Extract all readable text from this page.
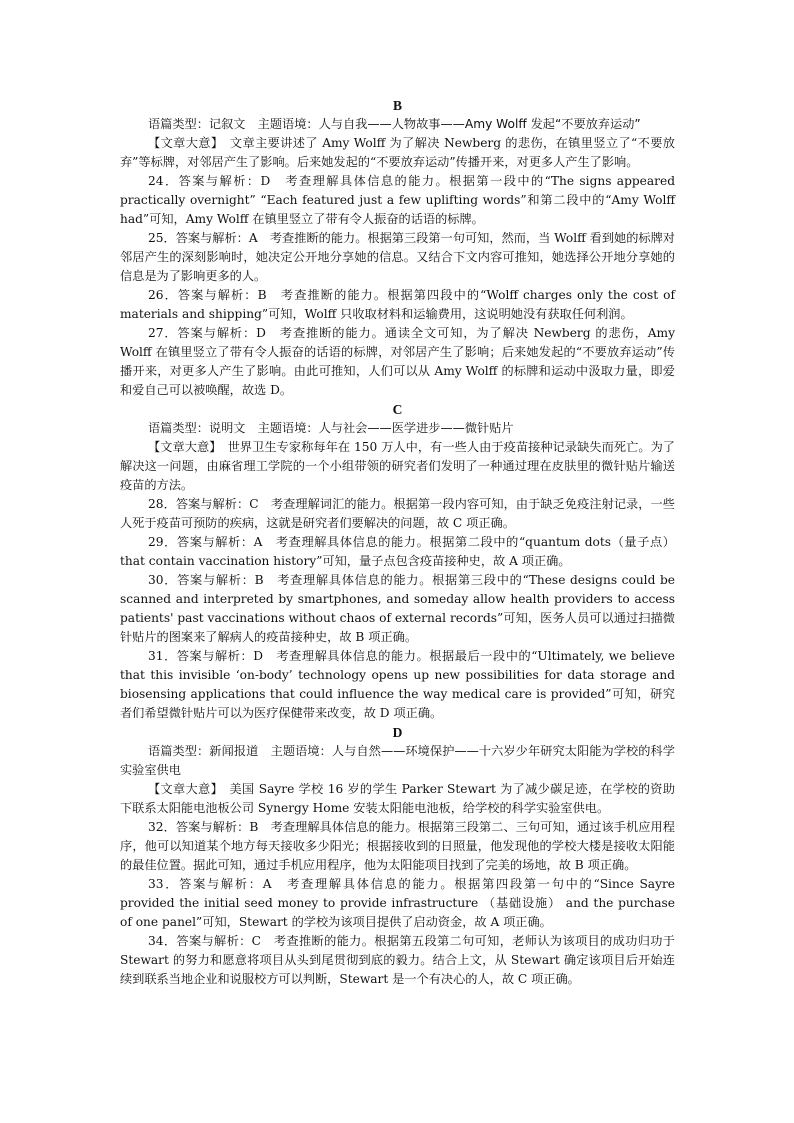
B

语篇类型：记叙文　主题语境：人与自我——人物故事——Amy Wolff 发起“不要放弃运动”

【文章大意】　文章主要讲述了 Amy Wolff 为了解决 Newberg 的悲伤，在镇里竖立了“不要放弃”等标牌，对邻居产生了影响。后来她发起的“不要放弃运动”传播开来，对更多人产生了影响。

24．答案与解析：D　考查理解具体信息的能力。根据第一段中的“The signs appeared practically overnight” “Each featured just a few uplifting words”和第二段中的“Amy Wolff had”可知，Amy Wolff 在镇里竖立了带有令人振奋的话语的标牌。

25．答案与解析：A　考查推断的能力。根据第三段第一句可知，然而，当 Wolff 看到她的标牌对邻居产生的深刻影响时，她决定公开地分享她的信息。又结合下文内容可推知，她选择公开地分享她的信息是为了影响更多的人。

26．答案与解析：B　考查推断的能力。根据第四段中的“Wolff charges only the cost of materials and shipping”可知，Wolff 只收取材料和运输费用，这说明她没有获取任何利润。

27．答案与解析：D　考查推断的能力。通读全文可知，为了解决 Newberg 的悲伤，Amy Wolff 在镇里竖立了带有令人振奋的话语的标牌，对邻居产生了影响；后来她发起的“不要放弃运动”传播开来，对更多人产生了影响。由此可推知，人们可以从 Amy Wolff 的标牌和运动中汲取力量，即爱和爱自己可以被唤醒，故选 D。

C

语篇类型：说明文　主题语境：人与社会——医学进步——微针贴片

【文章大意】　世界卫生专家称每年在 150 万人中，有一些人由于疫苗接种记录缺失而死亡。为了解决这一问题，由麻省理工学院的一个小组带领的研究者们发明了一种通过理在皮肤里的微针贴片输送疫苗的方法。

28．答案与解析：C　考查理解词汇的能力。根据第一段内容可知，由于缺乏免疫注射记录，一些人死于疫苗可预防的疾病，这就是研究者们要解决的问题，故 C 项正确。

29．答案与解析：A　考查理解具体信息的能力。根据第二段中的“quantum dots（量子点） that contain vaccination history”可知，量子点包含疫苗接种史，故 A 项正确。

30．答案与解析：B　考查理解具体信息的能力。根据第三段中的“These designs could be scanned and interpreted by smartphones, and someday allow health providers to access patients' past vaccinations without chaos of external records”可知，医务人员可以通过扫描微针贴片的图案来了解病人的疫苗接种史，故 B 项正确。

31．答案与解析：D　考查理解具体信息的能力。根据最后一段中的“Ultimately, we believe that this invisible ‘on-body’ technology opens up new possibilities for data storage and biosensing applications that could influence the way medical care is provided”可知，研究者们希望微针贴片可以为医疗保健带来改变，故 D 项正确。

D

语篇类型：新闻报道　主题语境：人与自然——环境保护——十六岁少年研究太阳能为学校的科学实验室供电

【文章大意】　美国 Sayre 学校 16 岁的学生 Parker Stewart 为了减少碳足迹，在学校的资助下联系太阳能电池板公司 Synergy Home 安装太阳能电池板，给学校的科学实验室供电。

32．答案与解析：B　考查理解具体信息的能力。根据第三段第二、三句可知，通过该手机应用程序，他可以知道某个地方每天接收多少阳光；根据接收到的日照量，他发现他的学校大楼是接收太阳能的最佳位置。据此可知，通过手机应用程序，他为太阳能项目找到了完美的场地，故 B 项正确。

33．答案与解析：A　考查理解具体信息的能力。根据第四段第一句中的“Since Sayre provided the initial seed money to provide infrastructure （基础设施） and the purchase of one panel”可知，Stewart 的学校为该项目提供了启动资金，故 A 项正确。

34．答案与解析：C　考查推断的能力。根据第五段第二句可知，老师认为该项目的成功归功于 Stewart 的努力和愿意将项目从头到尾贯彻到底的毅力。结合上文，从 Stewart 确定该项目后开始连续到联系当地企业和说服校方可以判断，Stewart 是一个有决心的人，故 C 项正确。
